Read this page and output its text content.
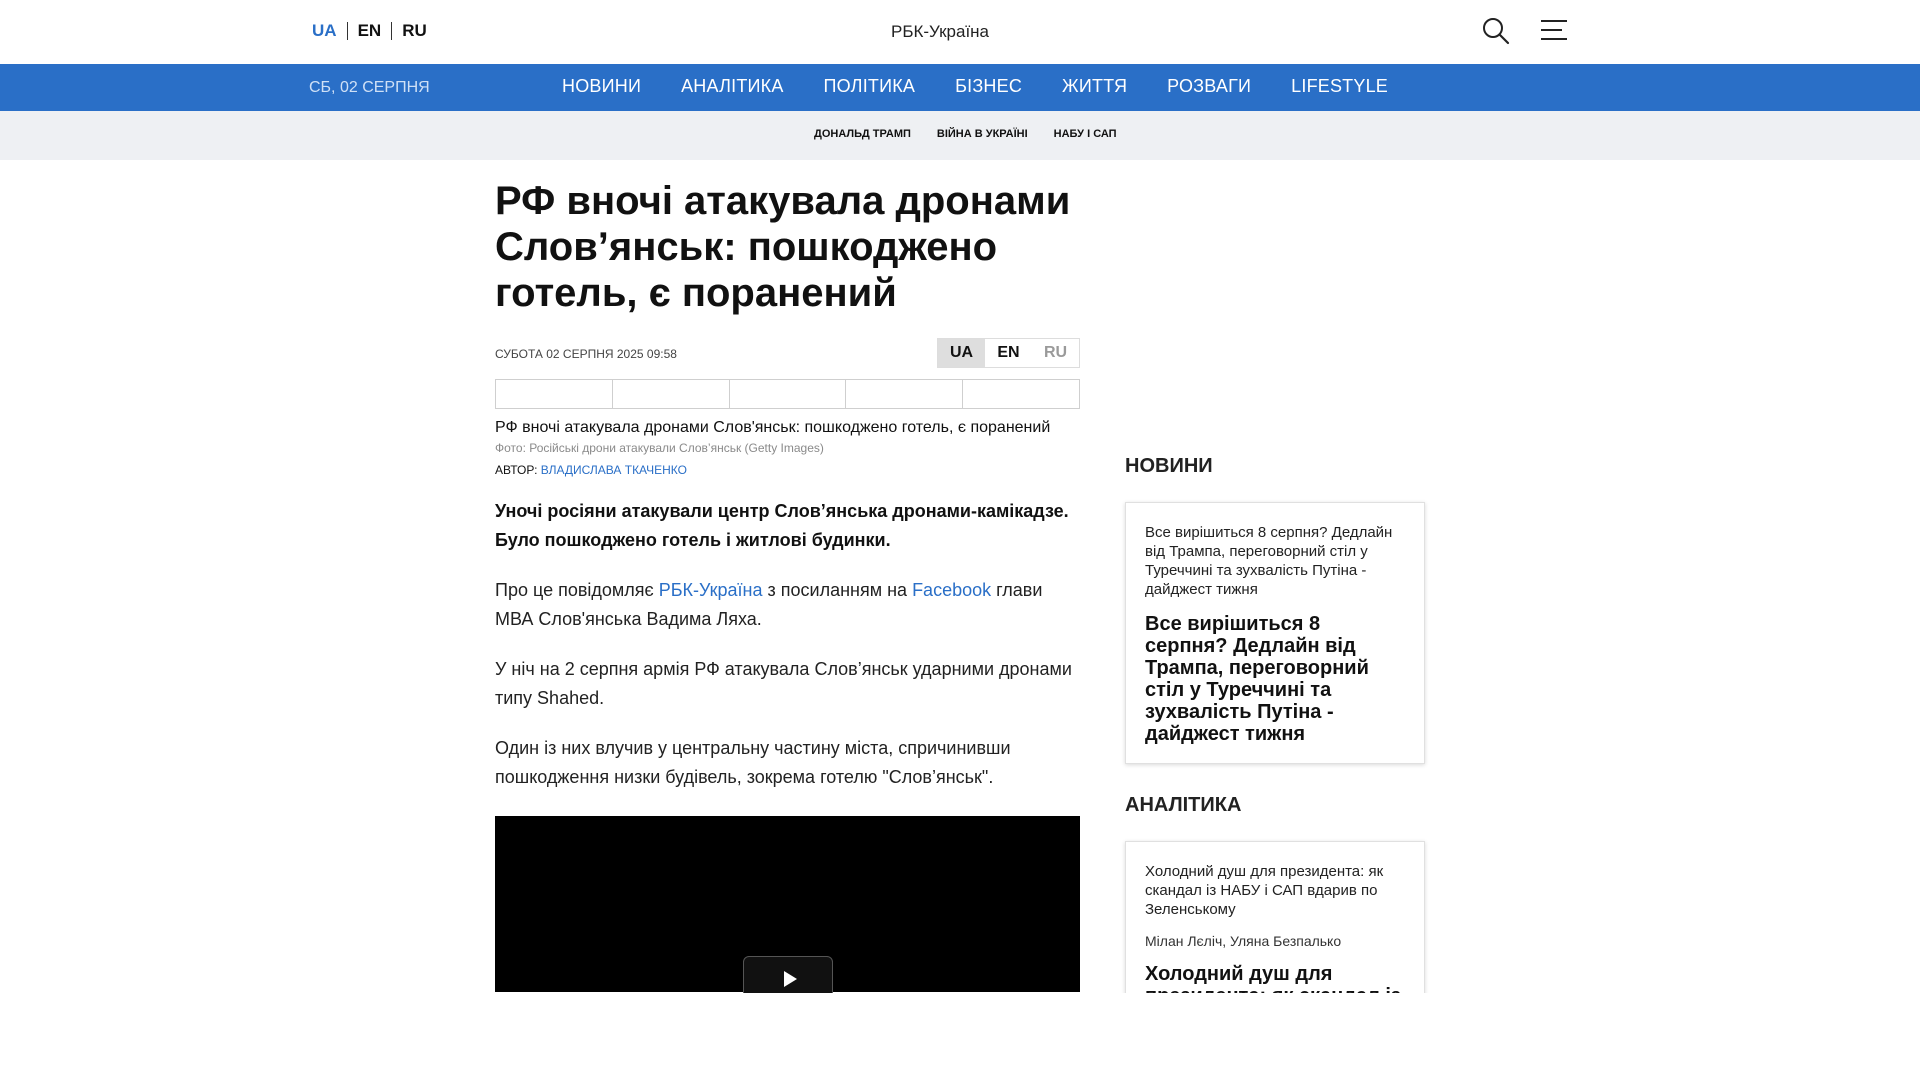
UA	EN	RU	РБК-Україна
СБ, 02 СЕРПНЯ	НОВИНИ АНАЛІТИКА ПОЛІТИКА БІЗНЕС ЖИТТЯ РОЗВАГИ LIFESTYLE
ДОНАЛЬД ТРАМП ВІЙНА В УКРАЇНІ НАБУ І САП
РФ вночі атакувала дронами Слов’янськ: пошкоджено готель, є поранений
СУБОТА 02 СЕРПНЯ 2025 09:58	UA	EN	RU
РФ вночі атакувала дронами Слов'янськ: пошкоджено готель, є поранений
Фото: Російські дрони атакували Слов’янськ (Getty Images)
АВТОР: ВЛАДИСЛАВА ТКАЧЕНКО

Уночі росіяни атакували центр Слов’янська дронами-камікадзе. Було пошкоджено готель і житлові будинки.

Про це повідомляє РБК-Україна з посиланням на Facebook глави МВА Слов'янська Вадима Ляха.

У ніч на 2 серпня армія РФ атакувала Слов’янськ ударними дронами типу Shahed.

Один із них влучив у центральну частину міста, спричинивши пошкодження низки будівель, зокрема готелю "Слов’янськ".

НОВИНИ
Все вирішиться 8 серпня? Дедлайн від Трампа, переговорний стіл у Туреччині та зухвалість Путіна - дайджест тижня
Все вирішиться 8 серпня? Дедлайн від Трампа, переговорний стіл у Туреччині та зухвалість Путіна - дайджест тижня
АНАЛІТИКА
Холодний душ для президента: як скандал із НАБУ і САП вдарив по Зеленському
Мілан Лєліч, Уляна Безпалько
Холодний душ для
